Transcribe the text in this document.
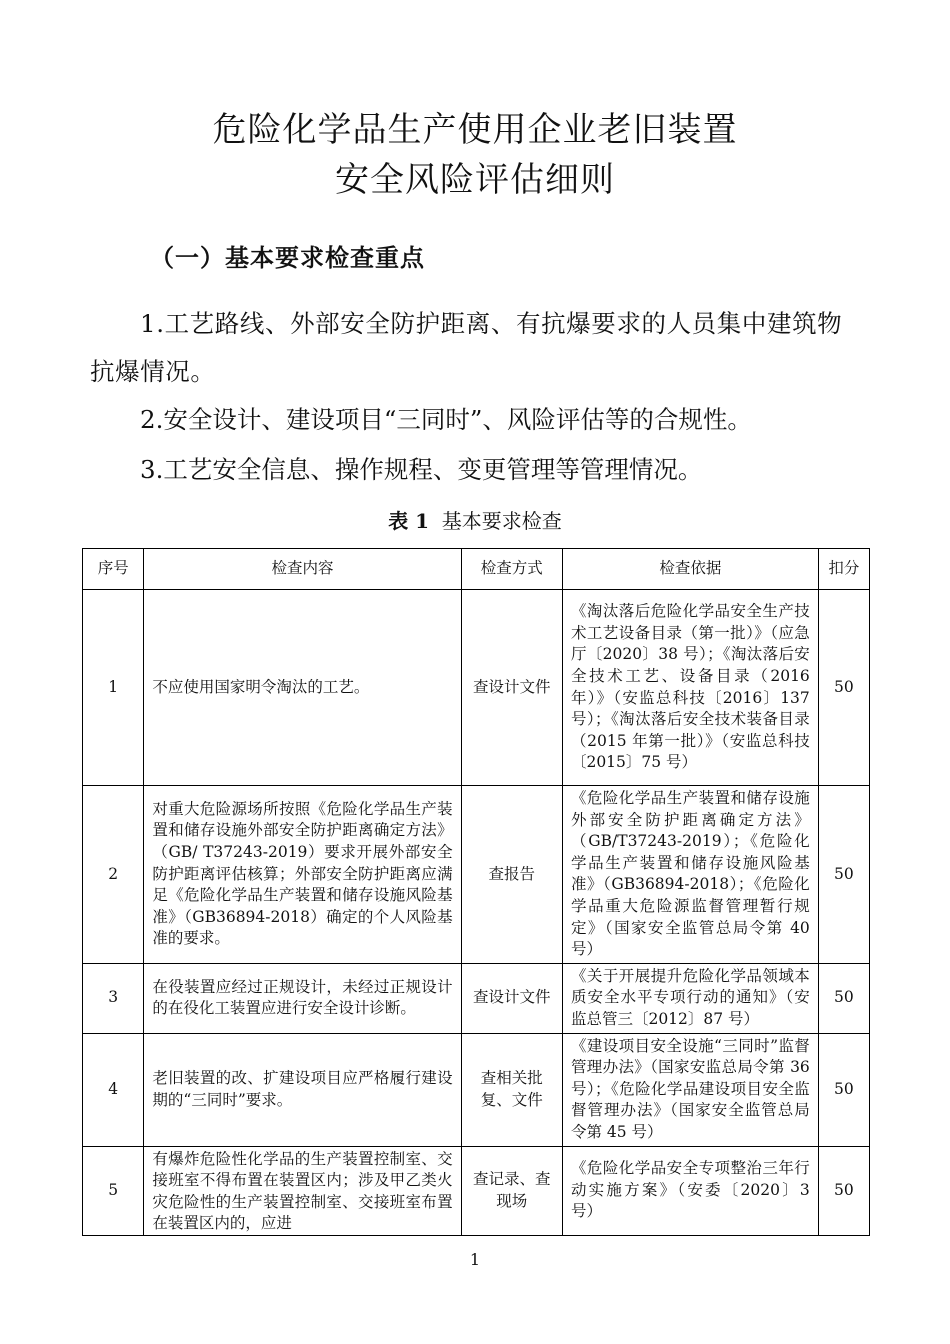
危险化学品生产使用企业老旧装置
安全风险评估细则
（一）基本要求检查重点
1.工艺路线、外部安全防护距离、有抗爆要求的人员集中建筑物抗爆情况。
2.安全设计、建设项目“三同时”、风险评估等的合规性。
3.工艺安全信息、操作规程、变更管理等管理情况。
表 1 基本要求检查
序号	检查内容	检查方式	检查依据	扣分
1	不应使用国家明令淘汰的工艺。	查设计文件	《淘汰落后危险化学品安全生产技术工艺设备目录（第一批）》（应急厅〔2020〕38 号）；《淘汰落后安全技术工艺、设备目录（2016 年）》（安监总科技〔2016〕137 号）；《淘汰落后安全技术装备目录（2015 年第一批）》（安监总科技〔2015〕75 号）	50
2	对重大危险源场所按照《危险化学品生产装置和储存设施外部安全防护距离确定方法》（GB/ T37243-2019）要求开展外部安全防护距离评估核算；外部安全防护距离应满足《危险化学品生产装置和储存设施风险基准》（GB36894-2018）确定的个人风险基准的要求。	查报告	《危险化学品生产装置和储存设施外部安全防护距离确定方法》（GB/T37243-2019）；《危险化学品生产装置和储存设施风险基准》（GB36894-2018）；《危险化学品重大危险源监督管理暂行规定》（国家安全监管总局令第 40 号）	50
3	在役装置应经过正规设计，未经过正规设计的在役化工装置应进行安全设计诊断。	查设计文件	《关于开展提升危险化学品领域本质安全水平专项行动的通知》（安监总管三〔2012〕87 号）	50
4	老旧装置的改、扩建设项目应严格履行建设期的“三同时”要求。	查相关批复、文件	《建设项目安全设施“三同时”监督管理办法》（国家安监总局令第 36 号）；《危险化学品建设项目安全监督管理办法》（国家安全监管总局令第 45 号）	50
5	有爆炸危险性化学品的生产装置控制室、交接班室不得布置在装置区内；涉及甲乙类火灾危险性的生产装置控制室、交接班室布置在装置区内的，应进	查记录、查现场	《危险化学品安全专项整治三年行动实施方案》（安委〔2020〕3 号）	50
1
